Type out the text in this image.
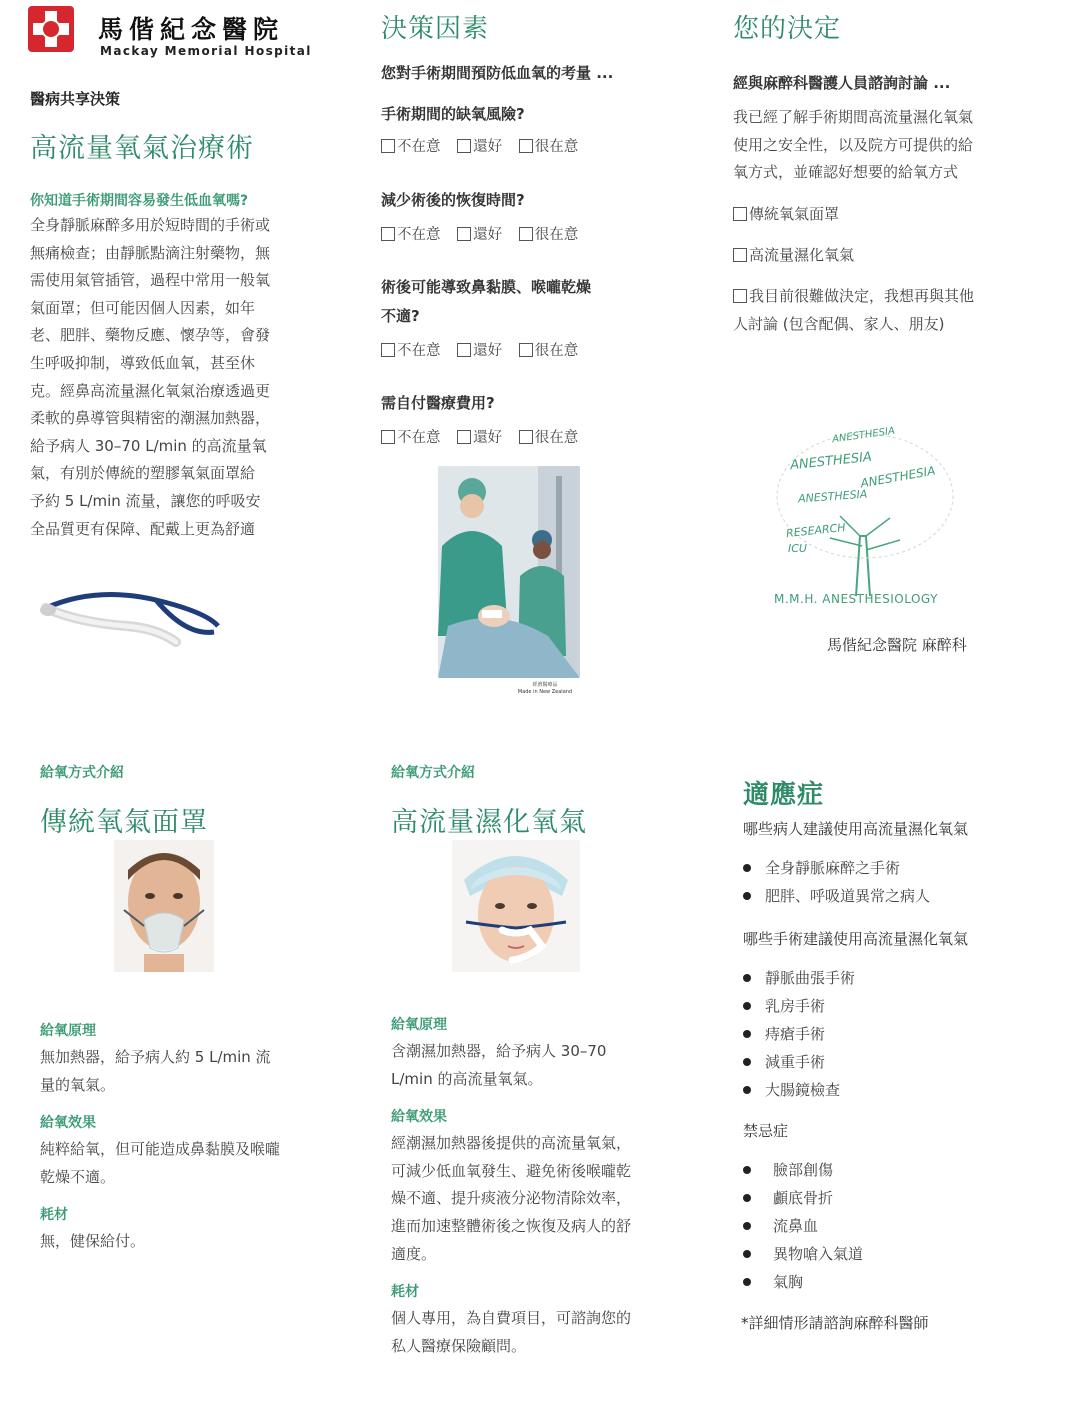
馬偕紀念醫院
Mackay Memorial Hospital
醫病共享決策
高流量氧氣治療術
你知道手術期間容易發生低血氧嗎?
全身靜脈麻醉多用於短時間的手術或
無痛檢查；由靜脈點滴注射藥物，無
需使用氣管插管，過程中常用一般氧
氣面罩；但可能因個人因素，如年
老、肥胖、藥物反應、懷孕等，會發
生呼吸抑制，導致低血氧，甚至休
克。經鼻高流量濕化氧氣治療透過更
柔軟的鼻導管與精密的潮濕加熱器，
給予病人 30–70 L/min 的高流量氧
氣，有別於傳統的塑膠氧氣面罩給
予約 5 L/min 流量，讓您的呼吸安
全品質更有保障、配戴上更為舒適
決策因素
您對手術期間預防低血氧的考量 ...
手術期間的缺氧風險?
不在意 還好 很在意
減少術後的恢復時間?
不在意 還好 很在意
術後可能導致鼻黏膜、喉嚨乾燥
不適?
不在意 還好 很在意
需自付醫療費用?
不在意 還好 很在意
經濟醫療品
Made in New Zealand
您的決定
經與麻醉科醫護人員諮詢討論 ...
我已經了解手術期間高流量濕化氧氣
使用之安全性，以及院方可提供的給
氧方式，並確認好想要的給氧方式
傳統氧氣面罩
高流量濕化氧氣
我目前很難做決定，我想再與其他
人討論 (包含配偶、家人、朋友)
ANESTHESIA
ANESTHESIA
ANESTHESIA
ANESTHESIA
RESEARCH
ICU
M.M.H. ANESTHESIOLOGY
馬偕紀念醫院 麻醉科
給氧方式介紹
傳統氧氣面罩
給氧原理
無加熱器，給予病人約 5 L/min 流
量的氧氣。
給氧效果
純粹給氧，但可能造成鼻黏膜及喉嚨
乾燥不適。
耗材
無，健保給付。
給氧方式介紹
高流量濕化氧氣
給氧原理
含潮濕加熱器，給予病人 30–70
L/min 的高流量氧氣。
給氧效果
經潮濕加熱器後提供的高流量氧氣，
可減少低血氧發生、避免術後喉嚨乾
燥不適、提升痰液分泌物清除效率，
進而加速整體術後之恢復及病人的舒
適度。
耗材
個人專用，為自費項目，可諮詢您的
私人醫療保險顧問。
適應症
哪些病人建議使用高流量濕化氧氣
全身靜脈麻醉之手術
肥胖、呼吸道異常之病人
哪些手術建議使用高流量濕化氧氣
靜脈曲張手術
乳房手術
痔瘡手術
減重手術
大腸鏡檢查
禁忌症
臉部創傷
顱底骨折
流鼻血
異物嗆入氣道
氣胸
*詳細情形請諮詢麻醉科醫師
